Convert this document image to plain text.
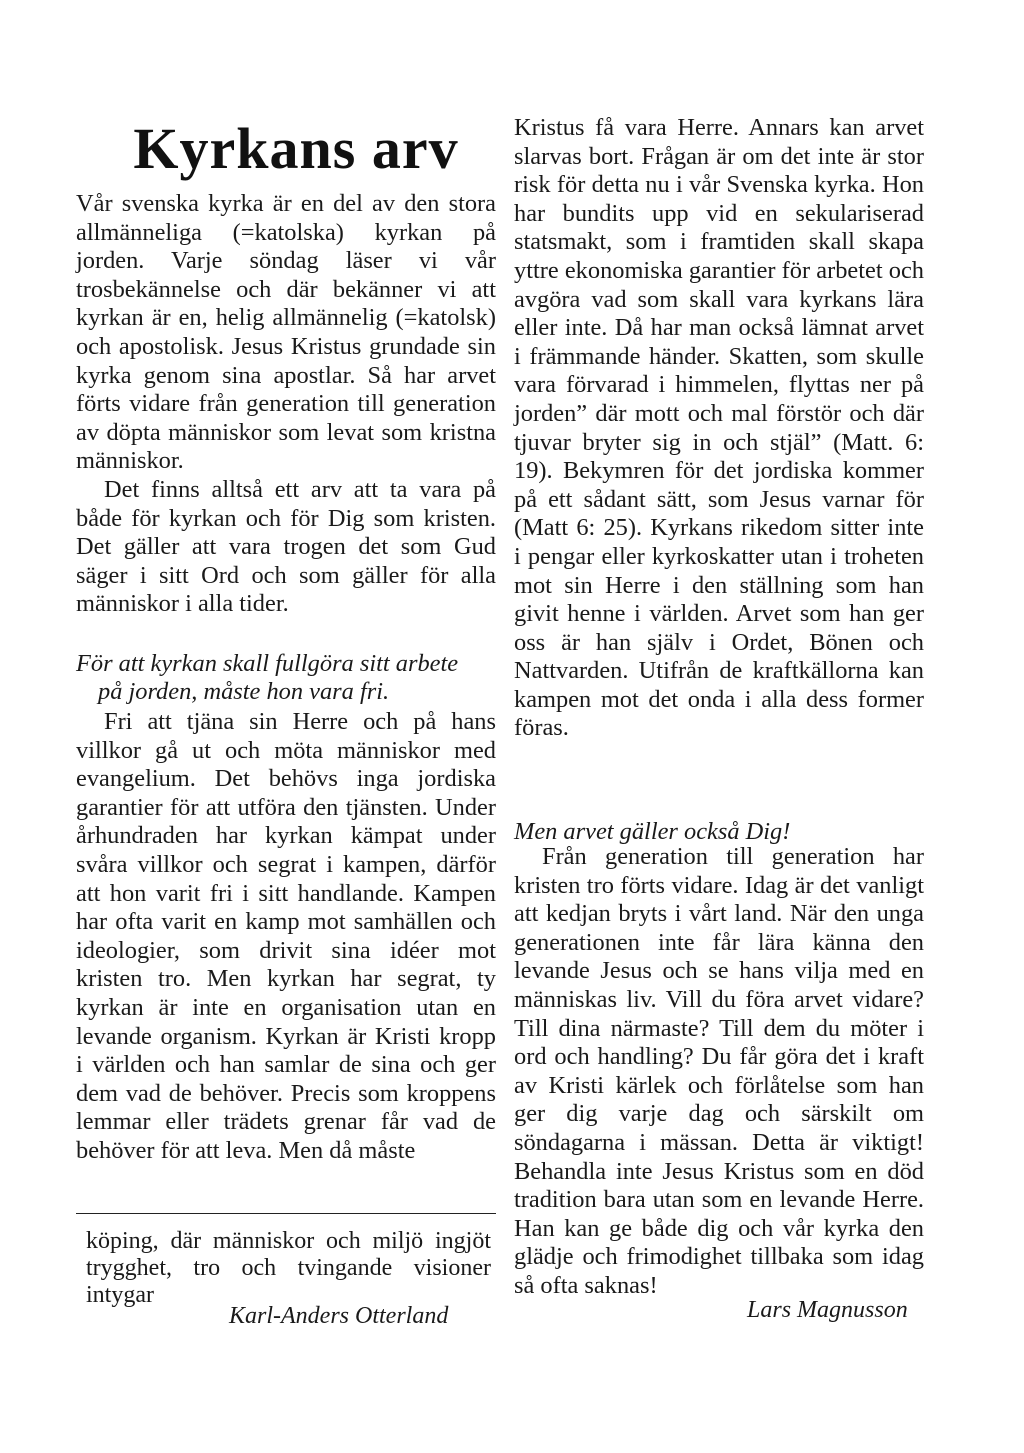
Kyrkans arv

Vår svenska kyrka är en del av den stora allmänneliga (=katolska) kyrkan på jorden. Varje söndag läser vi vår trosbekännelse och där bekänner vi att kyrkan är en, helig allmännelig (=katolsk) och apostolisk. Jesus Kristus grundade sin kyrka genom sina apostlar. Så har arvet förts vidare från generation till generation av döpta människor som levat som kristna människor.

Det finns alltså ett arv att ta vara på både för kyrkan och för Dig som kristen. Det gäller att vara trogen det som Gud säger i sitt Ord och som gäller för alla människor i alla tider.

För att kyrkan skall fullgöra sitt arbete
på jorden, måste hon vara fri.

Fri att tjäna sin Herre och på hans villkor gå ut och möta människor med evangelium. Det behövs inga jordiska garantier för att utföra den tjänsten. Under århundraden har kyrkan kämpat under svåra villkor och segrat i kampen, därför att hon varit fri i sitt handlande. Kampen har ofta varit en kamp mot samhällen och ideologier, som drivit sina idéer mot kristen tro. Men kyrkan har segrat, ty kyrkan är inte en organisation utan en levande organism. Kyrkan är Kristi kropp i världen och han samlar de sina och ger dem vad de behöver. Precis som kroppens lemmar eller trädets grenar får vad de behöver för att leva. Men då måste

köping, där människor och miljö ingjöt trygghet, tro och tvingande visioner intygar
Karl-Anders Otterland

Kristus få vara Herre. Annars kan arvet slarvas bort. Frågan är om det inte är stor risk för detta nu i vår Svenska kyrka. Hon har bundits upp vid en sekulariserad statsmakt, som i framtiden skall skapa yttre ekonomiska garantier för arbetet och avgöra vad som skall vara kyrkans lära eller inte. Då har man också lämnat arvet i främmande händer. Skatten, som skulle vara förvarad i himmelen, flyttas ner på jorden” där mott och mal förstör och där tjuvar bryter sig in och stjäl” (Matt. 6: 19). Bekymren för det jordiska kommer på ett sådant sätt, som Jesus varnar för (Matt 6: 25). Kyrkans rikedom sitter inte i pengar eller kyrkoskatter utan i troheten mot sin Herre i den ställning som han givit henne i världen. Arvet som han ger oss är han själv i Ordet, Bönen och Nattvarden. Utifrån de kraftkällorna kan kampen mot det onda i alla dess former föras.

Men arvet gäller också Dig!

Från generation till generation har kristen tro förts vidare. Idag är det vanligt att kedjan bryts i vårt land. När den unga generationen inte får lära känna den levande Jesus och se hans vilja med en människas liv. Vill du föra arvet vidare? Till dina närmaste? Till dem du möter i ord och handling? Du får göra det i kraft av Kristi kärlek och förlåtelse som han ger dig varje dag och särskilt om söndagarna i mässan. Detta är viktigt! Behandla inte Jesus Kristus som en död tradition bara utan som en levande Herre. Han kan ge både dig och vår kyrka den glädje och frimodighet tillbaka som idag så ofta saknas!

Lars Magnusson
